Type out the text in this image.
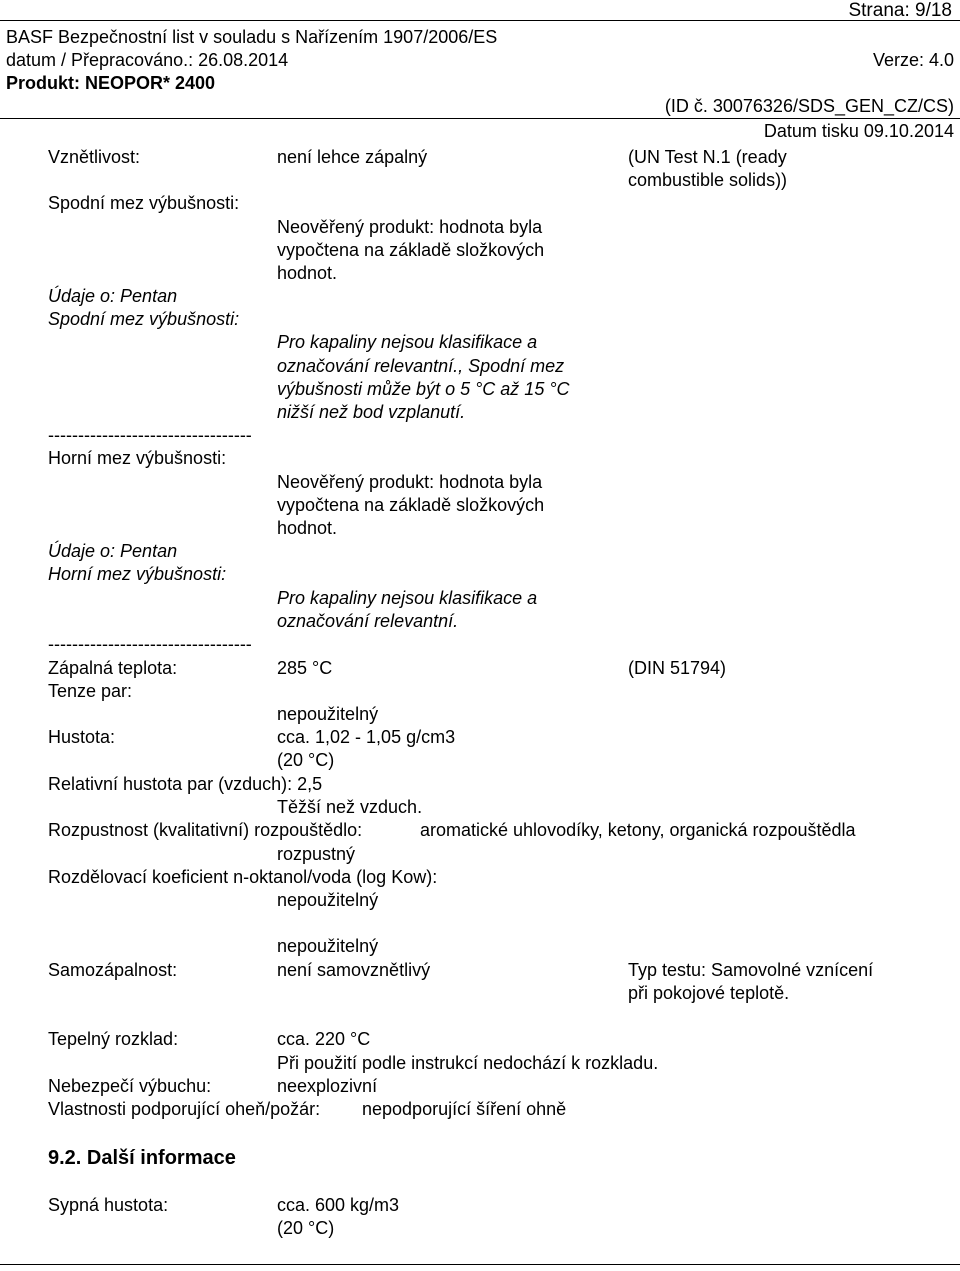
Strana: 9/18
BASF Bezpečnostní list v souladu s Nařízením 1907/2006/ES
datum / Přepracováno.: 26.08.2014	Verze: 4.0
Produkt: NEOPOR* 2400
(ID č. 30076326/SDS_GEN_CZ/CS)
Datum tisku 09.10.2014
Vznětlivost:	není lehce zápalný	(UN Test N.1 (ready
combustible solids))
Spodní mez výbušnosti:
Neověřený produkt: hodnota byla
vypočtena na základě složkových
hodnot.
Údaje o: Pentan
Spodní mez výbušnosti:
Pro kapaliny nejsou klasifikace a
označování relevantní., Spodní mez
výbušnosti může být o 5 °C až 15 °C
nižší než bod vzplanutí.
----------------------------------
Horní mez výbušnosti:
Neověřený produkt: hodnota byla
vypočtena na základě složkových
hodnot.
Údaje o: Pentan
Horní mez výbušnosti:
Pro kapaliny nejsou klasifikace a
označování relevantní.
----------------------------------
Zápalná teplota:	285 °C	(DIN 51794)
Tenze par:
nepoužitelný
Hustota:	cca. 1,02 - 1,05 g/cm3
(20 °C)
Relativní hustota par (vzduch): 2,5
Těžší než vzduch.
Rozpustnost (kvalitativní) rozpouštědlo:	aromatické uhlovodíky, ketony, organická rozpouštědla
rozpustný
Rozdělovací koeficient n-oktanol/voda (log Kow):
nepoužitelný
nepoužitelný
Samozápalnost:	není samovznětlivý	Typ testu: Samovolné vznícení
při pokojové teplotě.
Tepelný rozklad:	cca. 220 °C
Při použití podle instrukcí nedochází k rozkladu.
Nebezpečí výbuchu:	neexplozivní
Vlastnosti podporující oheň/požár: nepodporující šíření ohně
9.2. Další informace
Sypná hustota:	cca. 600 kg/m3
(20 °C)
